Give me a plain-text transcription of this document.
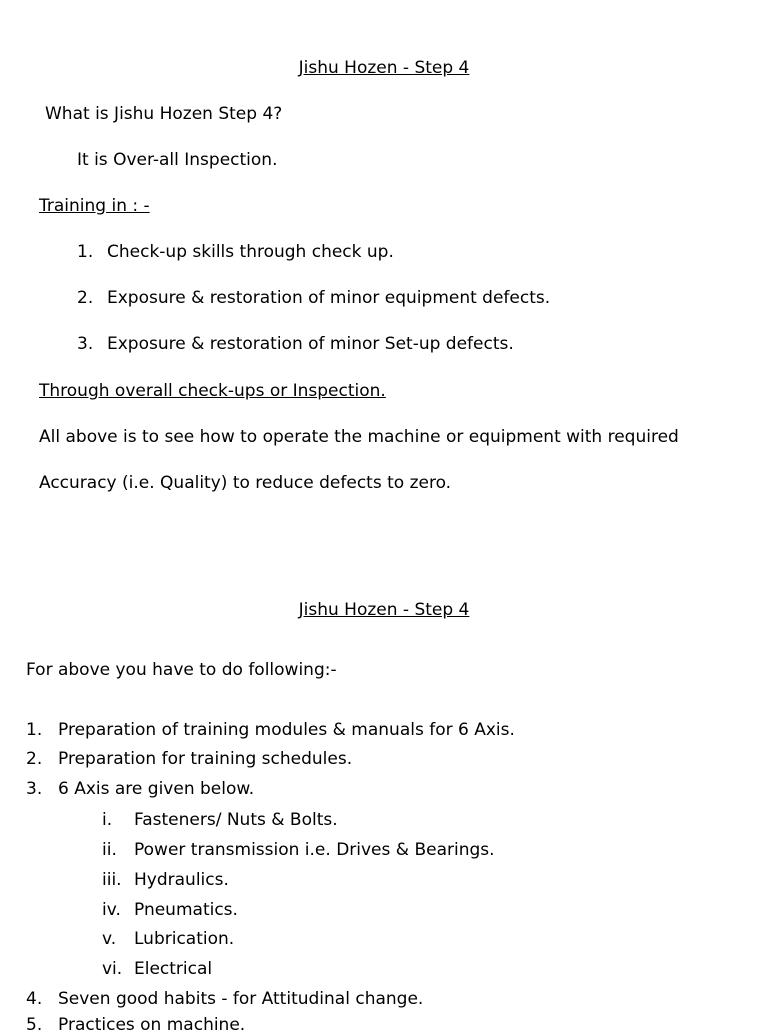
Jishu Hozen - Step 4
What is Jishu Hozen Step 4?
It is Over-all Inspection.
Training in : -
1. Check-up skills through check up.
2. Exposure & restoration of minor equipment defects.
3. Exposure & restoration of minor Set-up defects.
Through overall check-ups or Inspection.
All above is to see how to operate the machine or equipment with required
Accuracy (i.e. Quality) to reduce defects to zero.
Jishu Hozen - Step 4
For above you have to do following:-
1. Preparation of training modules & manuals for 6 Axis.
2. Preparation for training schedules.
3. 6 Axis are given below.
i. Fasteners/ Nuts & Bolts.
ii. Power transmission i.e. Drives & Bearings.
iii. Hydraulics.
iv. Pneumatics.
v. Lubrication.
vi. Electrical
4. Seven good habits - for Attitudinal change.
5. Practices on machine.
